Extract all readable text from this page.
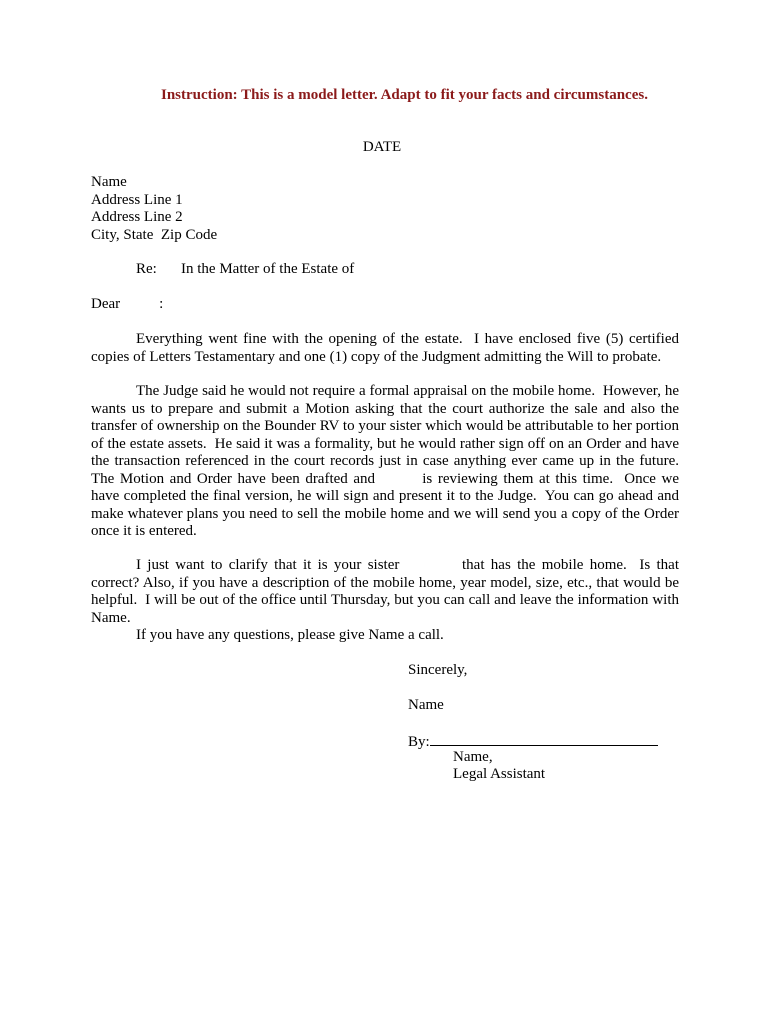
Instruction: This is a model letter. Adapt to fit your facts and circumstances.
DATE
Name
Address Line 1
Address Line 2
City, State  Zip Code
Re: In the Matter of the Estate of
Dear	:

Everything went fine with the opening of the estate.  I have enclosed five (5) certified copies of Letters Testamentary and one (1) copy of the Judgment admitting the Will to probate.

The Judge said he would not require a formal appraisal on the mobile home.  However, he wants us to prepare and submit a Motion asking that the court authorize the sale and also the transfer of ownership on the Bounder RV to your sister which would be attributable to her portion of the estate assets.  He said it was a formality, but he would rather sign off on an Order and have the transaction referenced in the court records just in case anything ever came up in the future.  The Motion and Order have been drafted and	is reviewing them at this time.  Once we have completed the final version, he will sign and present it to the Judge.  You can go ahead and make whatever plans you need to sell the mobile home and we will send you a copy of the Order once it is entered.

I just want to clarify that it is your sister	that has the mobile home.  Is that correct? Also, if you have a description of the mobile home, year model, size, etc., that would be helpful.  I will be out of the office until Thursday, but you can call and leave the information with Name.

If you have any questions, please give Name a call.

Sincerely,
Name
By:
Name,
Legal Assistant
